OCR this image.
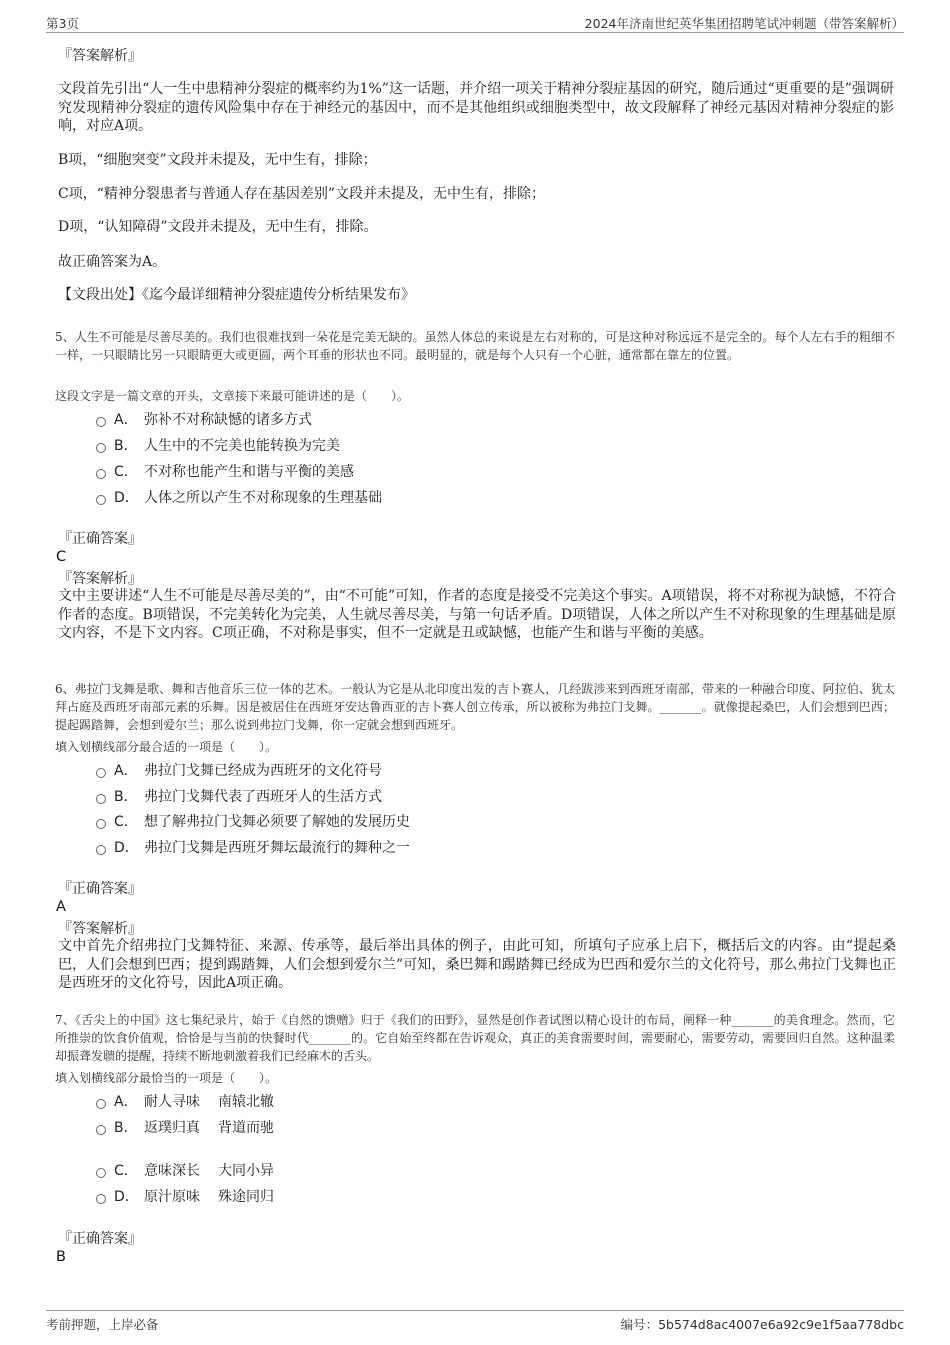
第3页	2024年济南世纪英华集团招聘笔试冲刺题（带答案解析）
『答案解析』
文段首先引出“人一生中患精神分裂症的概率约为1%”这一话题，并介绍一项关于精神分裂症基因的研究，随后通过“更重要的是”强调研究发现精神分裂症的遗传风险集中存在于神经元的基因中，而不是其他组织或细胞类型中，故文段解释了神经元基因对精神分裂症的影响，对应A项。
B项，“细胞突变”文段并未提及，无中生有，排除；
C项，“精神分裂患者与普通人存在基因差别”文段并未提及，无中生有，排除；
D项，“认知障碍”文段并未提及，无中生有，排除。
故正确答案为A。
【文段出处】《迄今最详细精神分裂症遗传分析结果发布》
5、人生不可能是尽善尽美的。我们也很难找到一朵花是完美无缺的。虽然人体总的来说是左右对称的，可是这种对称远远不是完全的。每个人左右手的粗细不一样，一只眼睛比另一只眼睛更大或更圆，两个耳垂的形状也不同。最明显的，就是每个人只有一个心脏，通常都在靠左的位置。
这段文字是一篇文章的开头，文章接下来最可能讲述的是（　　）。
A． 弥补不对称缺憾的诸多方式
B． 人生中的不完美也能转换为完美
C． 不对称也能产生和谐与平衡的美感
D． 人体之所以产生不对称现象的生理基础
『正确答案』
C
『答案解析』
文中主要讲述“人生不可能是尽善尽美的”，由“不可能”可知，作者的态度是接受不完美这个事实。A项错误，将不对称视为缺憾，不符合作者的态度。B项错误，不完美转化为完美，人生就尽善尽美，与第一句话矛盾。D项错误，人体之所以产生不对称现象的生理基础是原文内容，不是下文内容。C项正确，不对称是事实，但不一定就是丑或缺憾，也能产生和谐与平衡的美感。
6、弗拉门戈舞是歌、舞和吉他音乐三位一体的艺术。一般认为它是从北印度出发的吉卜赛人，几经跋涉来到西班牙南部，带来的一种融合印度、阿拉伯、犹太拜占庭及西班牙南部元素的乐舞。因是被居住在西班牙安达鲁西亚的吉卜赛人创立传承，所以被称为弗拉门戈舞。_______。就像提起桑巴，人们会想到巴西；提起踢踏舞，会想到爱尔兰；那么说到弗拉门戈舞，你一定就会想到西班牙。
填入划横线部分最合适的一项是（　　）。
A． 弗拉门戈舞已经成为西班牙的文化符号
B． 弗拉门戈舞代表了西班牙人的生活方式
C． 想了解弗拉门戈舞必须要了解她的发展历史
D． 弗拉门戈舞是西班牙舞坛最流行的舞种之一
『正确答案』
A
『答案解析』
文中首先介绍弗拉门戈舞特征、来源、传承等，最后举出具体的例子，由此可知，所填句子应承上启下，概括后文的内容。由“提起桑巴，人们会想到巴西；提到踢踏舞，人们会想到爱尔兰”可知，桑巴舞和踢踏舞已经成为巴西和爱尔兰的文化符号，那么弗拉门戈舞也正是西班牙的文化符号，因此A项正确。
7、《舌尖上的中国》这七集纪录片，始于《自然的馈赠》归于《我们的田野》，显然是创作者试图以精心设计的布局，阐释一种_______的美食理念。然而，它所推崇的饮食价值观，恰恰是与当前的快餐时代_______的。它自始至终都在告诉观众，真正的美食需要时间，需要耐心，需要劳动，需要回归自然。这种温柔却振聋发聩的提醒，持续不断地刺激着我们已经麻木的舌头。
填入划横线部分最恰当的一项是（　　）。
A． 耐人寻味 南辕北辙
B． 返璞归真 背道而驰
C． 意味深长 大同小异
D． 原汁原味 殊途同归
『正确答案』
B
考前押题，上岸必备	编号：5b574d8ac4007e6a92c9e1f5aa778dbc
